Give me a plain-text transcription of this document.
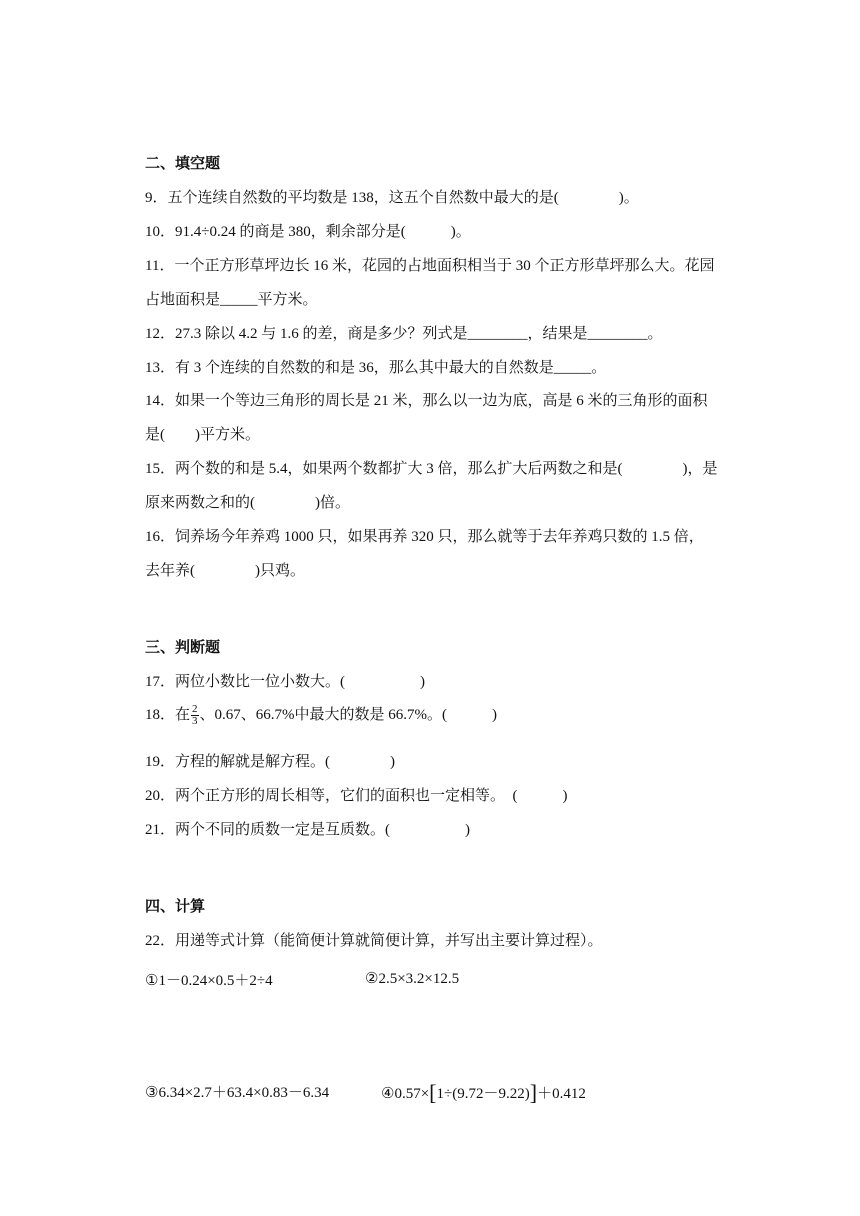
二、填空题
9．五个连续自然数的平均数是 138，这五个自然数中最大的是(　　　　)。
10．91.4÷0.24 的商是 380，剩余部分是(　　　)。
11．一个正方形草坪边长 16 米，花园的占地面积相当于 30 个正方形草坪那么大。花园
占地面积是_____平方米。
12．27.3 除以 4.2 与 1.6 的差，商是多少？列式是________，结果是________。
13．有 3 个连续的自然数的和是 36，那么其中最大的自然数是_____。
14．如果一个等边三角形的周长是 21 米，那么以一边为底，高是 6 米的三角形的面积
是(　　)平方米。
15．两个数的和是 5.4，如果两个数都扩大 3 倍，那么扩大后两数之和是(　　　　)，是
原来两数之和的(　　　　)倍。
16．饲养场今年养鸡 1000 只，如果再养 320 只，那么就等于去年养鸡只数的 1.5 倍，
去年养(　　　　)只鸡。
三、判断题
17．两位小数比一位小数大。(　　　　　)
18．在 $\frac{2}{3}$ 、0.67、66.7%中最大的数是 66.7%。(　　　)
19．方程的解就是解方程。(　　　　)
20．两个正方形的周长相等，它们的面积也一定相等。　(　　　)
21．两个不同的质数一定是互质数。(　　　　　)
四、计算
22．用递等式计算（能简便计算就简便计算，并写出主要计算过程）。
①1－0.24×0.5＋2÷4	②2.5×3.2×12.5
③6.34×2.7＋63.4×0.83－6.34	④0.57×[1÷(9.72－9.22)]＋0.412
